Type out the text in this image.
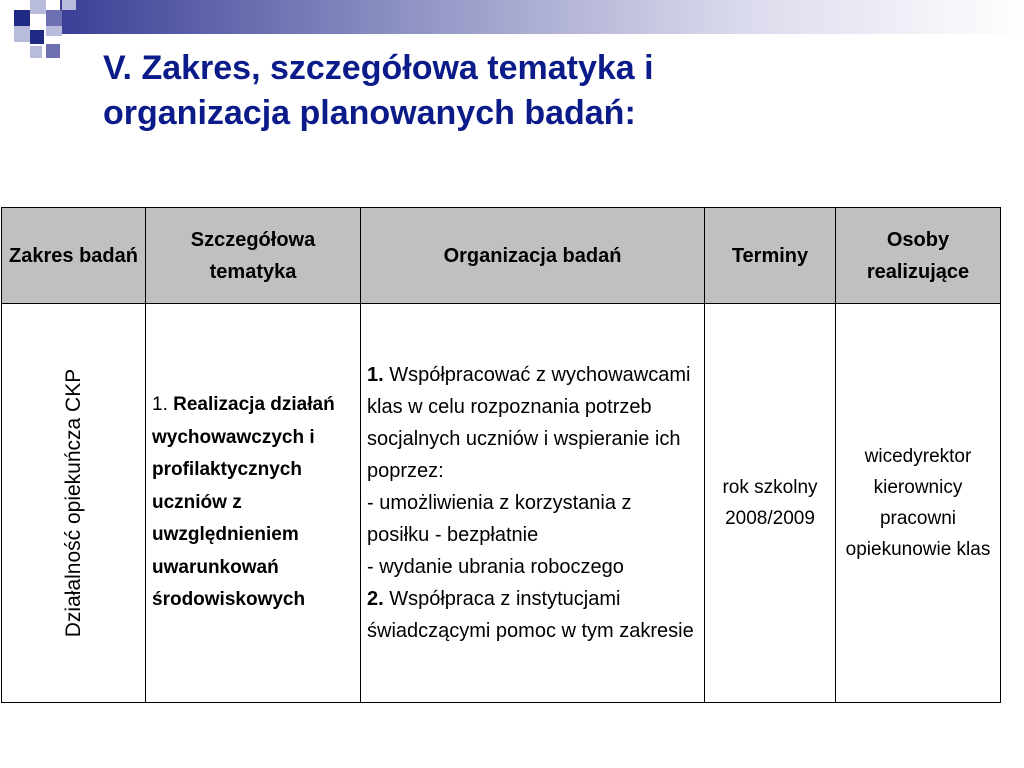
V. Zakres, szczegółowa tematyka i
organizacja planowanych badań:
Zakres badań	Szczegółowa tematyka	Organizacja badań	Terminy	Osoby realizujące

Działalność opiekuńcza CKP	1. Realizacja działań wychowawczych i profilaktycznych uczniów z uwzględnieniem uwarunkowań środowiskowych	1. Współpracować z wychowawcami klas w celu rozpoznania potrzeb socjalnych uczniów i wspieranie ich poprzez:
- umożliwienia z korzystania z posiłku - bezpłatnie
- wydanie ubrania roboczego
2. Współpraca z instytucjami świadczącymi pomoc w tym zakresie	rok szkolny 2008/2009	wicedyrektor kierownicy pracowni opiekunowie klas
